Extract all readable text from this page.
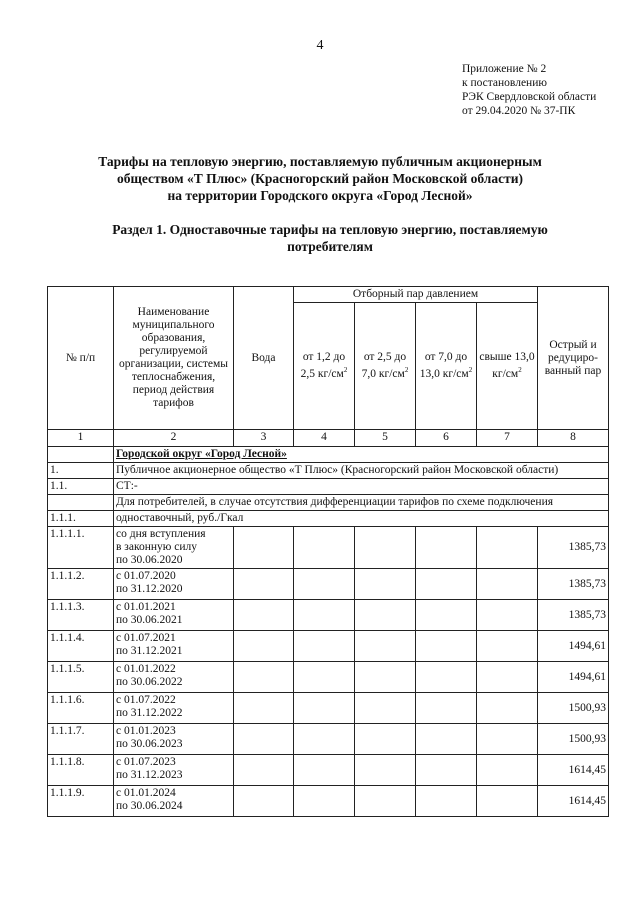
4
Приложение № 2
к постановлению
РЭК Свердловской области
от 29.04.2020 № 37-ПК
Тарифы на тепловую энергию, поставляемую публичным акционерным
обществом «Т Плюс» (Красногорский район Московской области)
на территории Городского округа «Город Лесной»
Раздел 1. Одноставочные тарифы на тепловую энергию, поставляемую
потребителям
№ п/п	Наименование муниципального образования, регулируемой организации, системы теплоснабжения, период действия тарифов	Вода	Отборный пар давлением				Острый и редуциро-ванный пар
			от 1,2 до 2,5 $кг/см^2$	от 2,5 до 7,0 $кг/см^2$	от 7,0 до 13,0 $кг/см^2$	свыше 13,0 $кг/см^2$
1	2	3	4	5	6	7	8
	Городской округ «Город Лесной»						
1.	Публичное акционерное общество «Т Плюс» (Красногорский район Московской области)						
1.1.	СТ:-						
	Для потребителей, в случае отсутствия дифференциации тарифов по схеме подключения						
1.1.1.	одноставочный, руб./Гкал						
1.1.1.1.	со дня вступления
в законную силу
по 30.06.2020						1385,73
1.1.1.2.	с 01.07.2020
по 31.12.2020						1385,73
1.1.1.3.	с 01.01.2021
по 30.06.2021						1385,73
1.1.1.4.	с 01.07.2021
по 31.12.2021						1494,61
1.1.1.5.	с 01.01.2022
по 30.06.2022						1494,61
1.1.1.6.	с 01.07.2022
по 31.12.2022						1500,93
1.1.1.7.	с 01.01.2023
по 30.06.2023						1500,93
1.1.1.8.	с 01.07.2023
по 31.12.2023						1614,45
1.1.1.9.	с 01.01.2024
по 30.06.2024						1614,45
